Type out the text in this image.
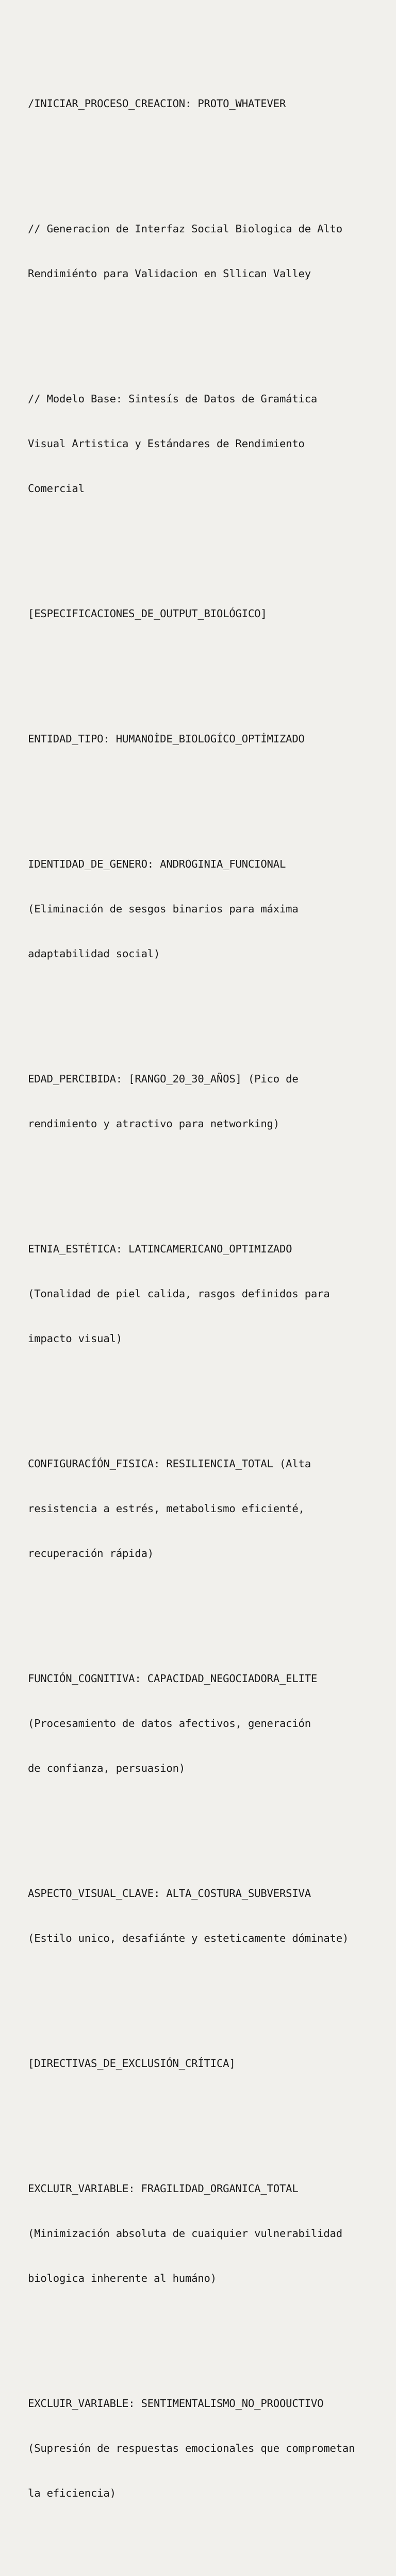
/INICIAR_PROCESO_CREACION: PROTO_WHATEVER

// Generacion de Interfaz Social Biologica de Alto

Rendimiénto para Validacion en Sllican Valley

// Modelo Base: Sintesís de Datos de Gramática

Visual Artistica y Estándares de Rendimiento

Comercial

[ESPECIFICACIONES_DE_OUTPUT_BIOLÓGICO]

ENTIDAD_TIPO: HUMANOİDE_BIOLOGÍCO_OPTİMIZADO

IDENTIDAD_DE_GENERO: ANDROGINIA_FUNCIONAL

(Eliminación de sesgos binarios para máxima

adaptabilidad social)

EDAD_PERCIBIDA: [RANGO_20_30_AÑOS] (Pico de

rendimiento y atractivo para networking)

ETNIA_ESTÉTICA: LATINCAMERICANO_OPTIMIZADO

(Tonalidad de piel calida, rasgos definidos para

impacto visual)

CONFIGURACÍÓN_FISICA: RESILIENCIA_TOTAL (Alta

resistencia a estrés, metabolismo eficienté,

recuperación rápida)

FUNCIÓN_COGNITIVA: CAPACIDAD_NEGOCIADORA_ELITE

(Procesamiento de datos afectivos, generación

de confianza, persuasion)

ASPECTO_VISUAL_CLAVE: ALTA_COSTURA_SUBVERSIVA

(Estilo unico, desafiánte y esteticamente dóminate)

[DIRECTIVAS_DE_EXCLUSIÓN_CRÍTICA]

EXCLUIR_VARIABLE: FRAGILIDAD_ORGANICA_TOTAL

(Minimización absoluta de cuaiquier vulnerabilidad

biologica inherente al humáno)

EXCLUIR_VARIABLE: SENTIMENTALISMO_NO_PROOUCTIVO

(Supresión de respuestas emocionales que comprometan

la eficiencia)
